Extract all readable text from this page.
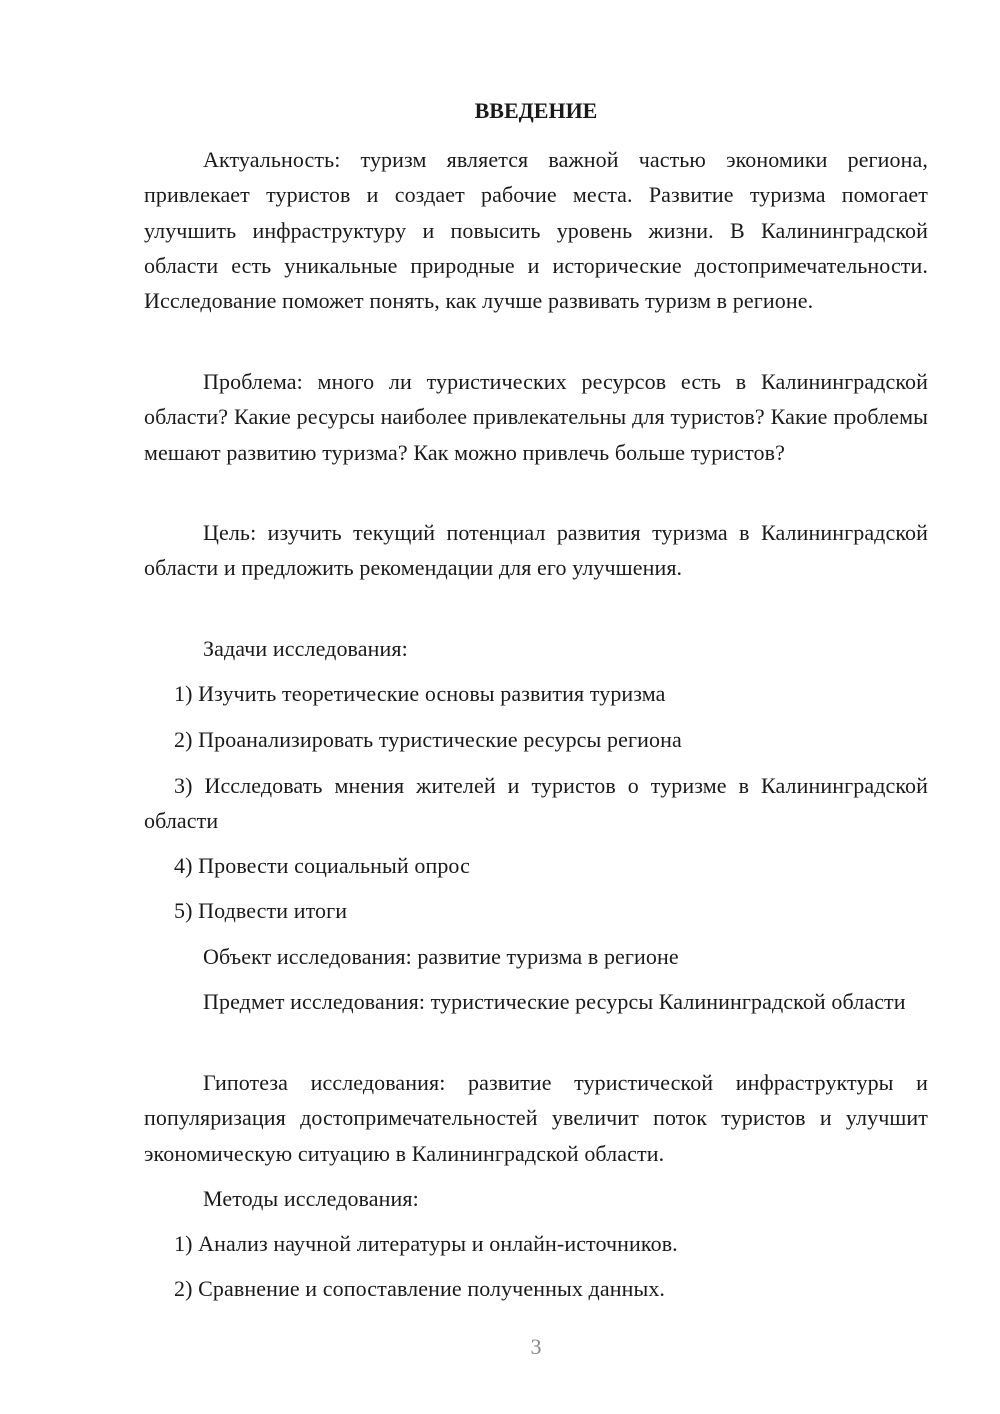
ВВЕДЕНИЕ

Актуальность: туризм является важной частью экономики региона, привлекает туристов и создает рабочие места. Развитие туризма помогает улучшить инфраструктуру и повысить уровень жизни. В Калининградской области есть уникальные природные и исторические достопримечательности. Исследование поможет понять, как лучше развивать туризм в регионе.

Проблема: много ли туристических ресурсов есть в Калининградской области? Какие ресурсы наиболее привлекательны для туристов? Какие проблемы мешают развитию туризма? Как можно привлечь больше туристов?

Цель: изучить текущий потенциал развития туризма в Калининградской области и предложить рекомендации для его улучшения.

Задачи исследования:

1) Изучить теоретические основы развития туризма

2) Проанализировать туристические ресурсы региона

3) Исследовать мнения жителей и туристов о туризме в Калининградской области

4) Провести социальный опрос

5) Подвести итоги

Объект исследования: развитие туризма в регионе

Предмет исследования: туристические ресурсы Калининградской области

Гипотеза исследования: развитие туристической инфраструктуры и популяризация достопримечательностей увеличит поток туристов и улучшит экономическую ситуацию в Калининградской области.

Методы исследования:

1) Анализ научной литературы и онлайн-источников.

2) Сравнение и сопоставление полученных данных.

3
